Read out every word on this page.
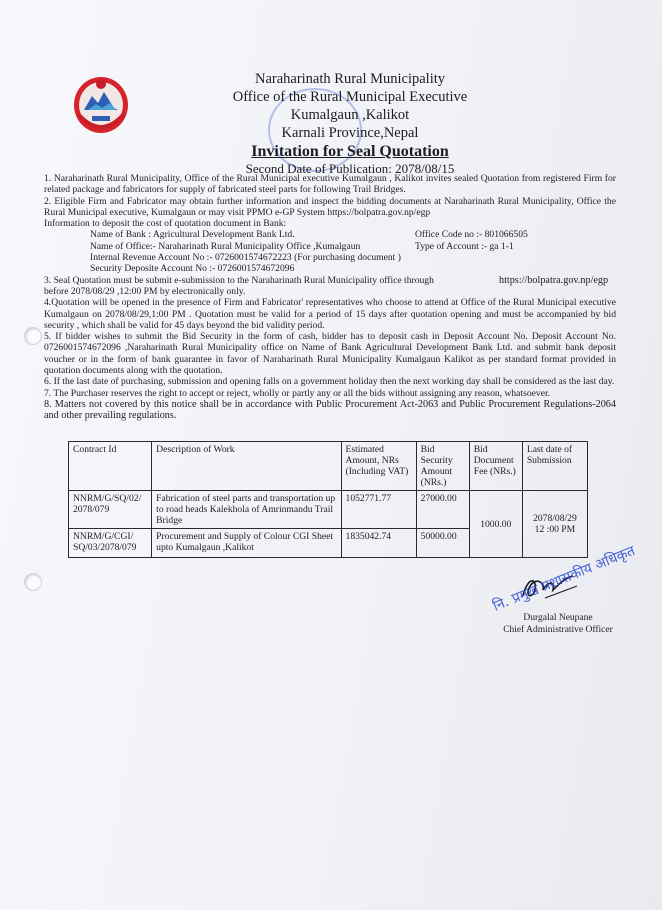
Naraharinath Rural Municipality
Office of the Rural Municipal Executive
Kumalgaun ,Kalikot
Karnali Province,Nepal
Invitation for Seal Quotation
Second Date of Publication: 2078/08/15

1. Naraharinath Rural Municipality, Office of the Rural Municipal executive Kumalgaun , Kalikot invites sealed Quotation from registered Firm for related package and fabricators for supply of fabricated steel parts for following Trail Bridges.

2. Eligible Firm and Fabricator may obtain further information and inspect the bidding documents at Naraharinath Rural Municipality, Office the Rural Municipal executive, Kumalgaun or may visit PPMO e-GP System https://bolpatra.gov.np/egp

Information to deposit the cost of quotation document in Bank:

Name of Bank : Agricultural Development Bank Ltd.	Office Code no :- 801066505
Name of Office:- Naraharinath Rural Municipality Office ,Kumalgaun	Type of Account :- ga 1-1

Internal Revenue Account No :- 0726001574672223 (For purchasing document )

Security Deposite Account No :- 0726001574672096

3. Seal Quotation must be submit e-submission to the Naraharinath Rural Municipality office through	https://bolpatra.gov.np/egp

before 2078/08/29 ,12:00 PM by electronically only.

4.Quotation will be opened in the presence of Firm and Fabricator' representatives who choose to attend at Office of the Rural Municipal executive Kumalgaun on 2078/08/29,1:00 PM . Quotation must be valid for a period of 15 days after quotation opening and must be accompanied by bid security , which shall be valid for 45 days beyond the bid validity period.

5. If bidder wishes to submit the Bid Security in the form of cash, bidder has to deposit cash in Deposit Account No. Deposit Account No. 0726001574672096 ,Naraharinath Rural Municipality office on Name of Bank Agricultural Development Bank Ltd. and submit bank deposit voucher or in the form of bank guarantee in favor of Naraharinath Rural Municipality Kumalgaun Kalikot as per standard format provided in quotation documents along with the quotation.

6. If the last date of purchasing, submission and opening falls on a government holiday then the next working day shall be considered as the last day.

7. The Purchaser reserves the right to accept or reject, wholly or partly any or all the bids without assigning any reason, whatsoever.

8. Matters not covered by this notice shall be in accordance with Public Procurement Act-2063 and Public Procurement Regulations-2064 and other prevailing regulations.

Contract Id	Description of Work	Estimated Amount, NRs (Including VAT)	Bid Security Amount (NRs.)	Bid Document Fee (NRs.)	Last date of Submission
NNRM/G/SQ/02/ 2078/079	Fabrication of steel parts and transportation up to road heads Kalekhola of Amrinmandu Trail Bridge	1052771.77	27000.00	1000.00	2078/08/29
12 :00 PM

NNRM/G/CGI/ SQ/03/2078/079	Procurement and Supply of Colour CGI Sheet upto Kumalgaun ,Kalikot	1835042.74	50000.00		
Durgalal Neupane
Chief Administrative Officer
नि. प्रमुख प्रशासकीय अधिकृत
